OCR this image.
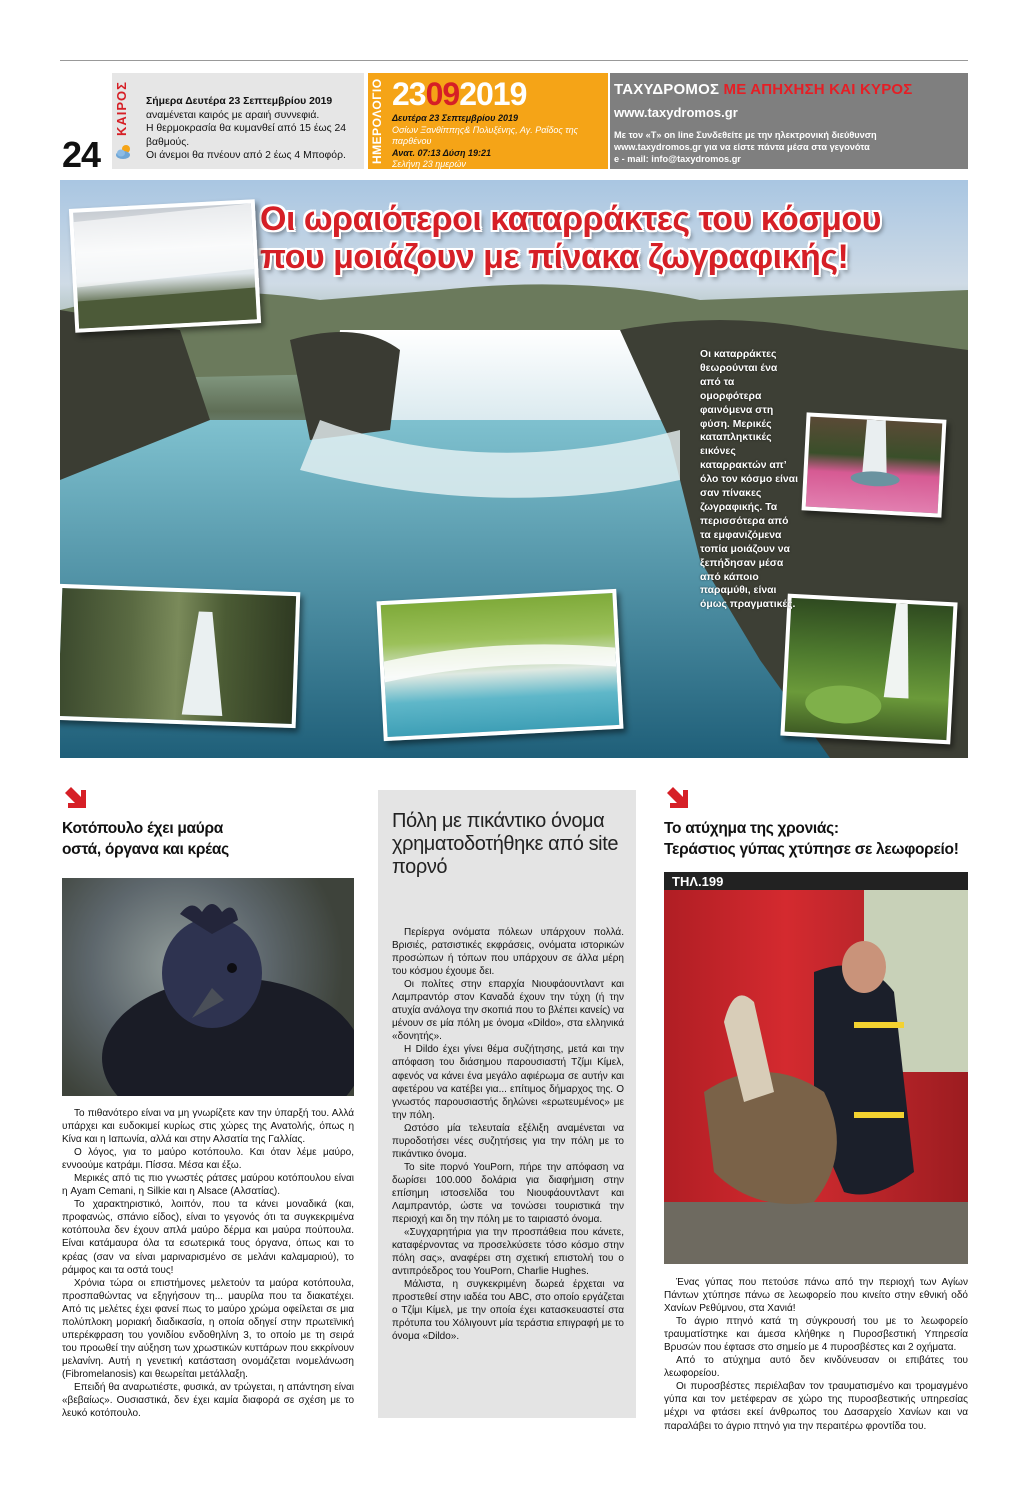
24
ΚΑΙΡΟΣ	Σήμερα Δευτέρα 23 Σεπτεμβρίου 2019
αναμένεται καιρός με αραιή συννεφιά.
Η θερμοκρασία θα κυμανθεί από 15 έως 24 βαθμούς.
Οι άνεμοι θα πνέουν από 2 έως 4 Μποφόρ.	ΗΜΕΡΟΛΟΓΙΟ 23092019
Δευτέρα 23 Σεπτεμβρίου 2019
Οσίων Ξανθίππης& Πολυξένης, Αγ. Ραΐδος της παρθένου
Ανατ. 07:13 Δύση 19:21
Σελήνη 23 ημερών
ΤΑΧΥΔΡΟΜΟΣ ΜΕ ΑΠΗΧΗΣΗ ΚΑΙ ΚΥΡΟΣ
www.taxydromos.gr
Με τον «Τ» on line Συνδεθείτε με την ηλεκτρονική διεύθυνση
www.taxydromos.gr για να είστε πάντα μέσα στα γεγονότα
e - mail: info@taxydromos.gr
Οι ωραιότεροι καταρράκτες του κόσμου
που μοιάζουν με πίνακα ζωγραφικής!
Οι καταρράκτες θεωρούνται ένα από τα ομορφότερα φαινόμενα στη φύση. Μερικές καταπληκτικές εικόνες καταρρακτών απ’ όλο τον κόσμο είναι σαν πίνακες ζωγραφικής. Τα περισσότερα από τα εμφανιζόμενα τοπία μοιάζουν να ξεπήδησαν μέσα από κάποιο παραμύθι, είναι όμως πραγματικές.
Κοτόπουλο έχει μαύρα
οστά, όργανα και κρέας

Το πιθανότερο είναι να μη γνωρίζετε καν την ύπαρξή του. Αλλά υπάρχει και ευδοκιμεί κυρίως στις χώρες της Ανατολής, όπως η Κίνα και η Ιαπωνία, αλλά και στην Αλσατία της Γαλλίας.

Ο λόγος, για το μαύρο κοτόπουλο. Και όταν λέμε μαύρο, εννοούμε κατράμι. Πίσσα. Μέσα και έξω.

Μερικές από τις πιο γνωστές ράτσες μαύρου κοτόπουλου είναι η Ayam Cemani, η Silkie και η Alsace (Αλσατίας).

Το χαρακτηριστικό, λοιπόν, που τα κάνει μοναδικά (και, προφανώς, σπάνιο είδος), είναι το γεγονός ότι τα συγκεκριμένα κοτόπουλα δεν έχουν απλά μαύρο δέρμα και μαύρα πούπουλα. Είναι κατάμαυρα όλα τα εσωτερικά τους όργανα, όπως και το κρέας (σαν να είναι μαριναρισμένο σε μελάνι καλαμαριού), το ράμφος και τα οστά τους!

Χρόνια τώρα οι επιστήμονες μελετούν τα μαύρα κοτόπουλα, προσπαθώντας να εξηγήσουν τη... μαυρίλα που τα διακατέχει. Από τις μελέτες έχει φανεί πως το μαύρο χρώμα οφείλεται σε μια πολύπλοκη μοριακή διαδικασία, η οποία οδηγεί στην πρωτεϊνική υπερέκφραση του γονιδίου ενδοθηλίνη 3, το οποίο με τη σειρά του προωθεί την αύξηση των χρωστικών κυττάρων που εκκρίνουν μελανίνη. Αυτή η γενετική κατάσταση ονομάζεται ινομελάνωση (Fibromelanosis) και θεωρείται μετάλλαξη.

Επειδή θα αναρωτιέστε, φυσικά, αν τρώγεται, η απάντηση είναι «βεβαίως». Ουσιαστικά, δεν έχει καμία διαφορά σε σχέση με το λευκό κοτόπουλο.

Πόλη με πικάντικο όνομα χρηματοδοτήθηκε από site πορνό

Περίεργα ονόματα πόλεων υπάρχουν πολλά. Βρισιές, ρατσιστικές εκφράσεις, ονόματα ιστορικών προσώπων ή τόπων που υπάρχουν σε άλλα μέρη του κόσμου έχουμε δει.

Οι πολίτες στην επαρχία Νιουφάουντλαντ και Λαμπραντόρ στον Καναδά έχουν την τύχη (ή την ατυχία ανάλογα την σκοπιά που το βλέπει κανείς) να μένουν σε μία πόλη με όνομα «Dildo», στα ελληνικά «δονητής».

Η Dildo έχει γίνει θέμα συζήτησης, μετά και την απόφαση του διάσημου παρουσιαστή Τζίμι Κίμελ, αφενός να κάνει ένα μεγάλο αφιέρωμα σε αυτήν και αφετέρου να κατέβει για... επίτιμος δήμαρχος της. Ο γνωστός παρουσιαστής δηλώνει «ερωτευμένος» με την πόλη.

Ωστόσο μία τελευταία εξέλιξη αναμένεται να πυροδοτήσει νέες συζητήσεις για την πόλη με το πικάντικο όνομα.

Το site πορνό YouPorn, πήρε την απόφαση να δωρίσει 100.000 δολάρια για διαφήμιση στην επίσημη ιστοσελίδα του Νιουφάουντλαντ και Λαμπραντόρ, ώστε να τονώσει τουριστικά την περιοχή και δη την πόλη με το ταιριαστό όνομα.

«Συγχαρητήρια για την προσπάθεια που κάνετε, καταφέρνοντας να προσελκύσετε τόσο κόσμο στην πόλη σας», αναφέρει στη σχετική επιστολή του ο αντιπρόεδρος του YouPorn, Charlie Hughes.

Μάλιστα, η συγκεκριμένη δωρεά έρχεται να προστεθεί στην ιαδέα του ABC, στο οποίο εργάζεται ο Τζίμι Κίμελ, με την οποία έχει κατασκευαστεί στα πρότυπα του Χόλιγουντ μία τεράστια επιγραφή με το όνομα «Dildo».

Το ατύχημα της χρονιάς:
Τεράστιος γύπας χτύπησε σε λεωφορείο!
ΤΗΛ.199

Ένας γύπας που πετούσε πάνω από την περιοχή των Αγίων Πάντων χτύπησε πάνω σε λεωφορείο που κινείτο στην εθνική οδό Χανίων Ρεθύμνου, στα Χανιά!

Το άγριο πτηνό κατά τη σύγκρουσή του με το λεωφορείο τραυματίστηκε και άμεσα κλήθηκε η Πυροσβεστική Υπηρεσία Βρυσών που έφτασε στο σημείο με 4 πυροσβέστες και 2 οχήματα.

Από το ατύχημα αυτό δεν κινδύνευσαν οι επιβάτες του λεωφορείου.

Οι πυροσβέστες περιέλαβαν τον τραυματισμένο και τρομαγμένο γύπα και τον μετέφεραν σε χώρο της πυροσβεστικής υπηρεσίας μέχρι να φτάσει εκεί άνθρωπος του Δασαρχείο Χανίων και να παραλάβει το άγριο πτηνό για την περαιτέρω φροντίδα του.
